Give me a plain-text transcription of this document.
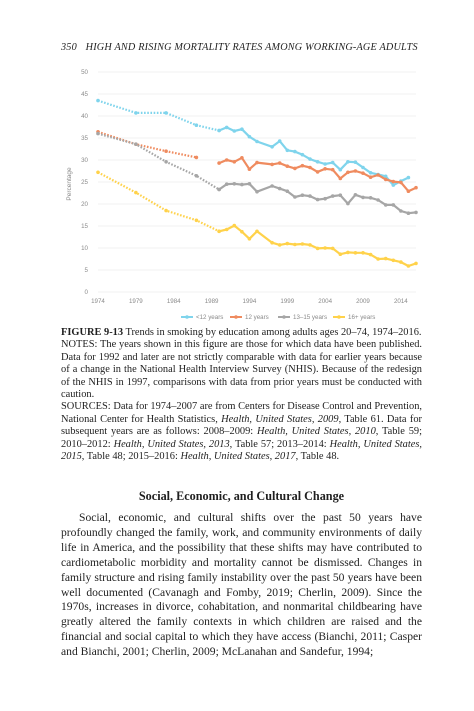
350 HIGH AND RISING MORTALITY RATES AMONG WORKING-AGE ADULTS
0
5
10
15
20
25
30
35
40
45
50
1974	1979	1984	1989	1994	1999	2004	2009	2014
Percentage
<12 years	12 years	13–15 years	16+ years

FIGURE 9-13 Trends in smoking by education among adults ages 20–74, 1974–2016.

NOTES: The years shown in this figure are those for which data have been published. Data for 1992 and later are not strictly comparable with data for earlier years because of a change in the National Health Interview Survey (NHIS). Because of the redesign of the NHIS in 1997, comparisons with data from prior years must be conducted with caution.

SOURCES: Data for 1974–2007 are from Centers for Disease Control and Prevention, National Center for Health Statistics, Health, United States, 2009, Table 61. Data for subsequent years are as follows: 2008–2009: Health, United States, 2010, Table 59; 2010–2012: Health, United States, 2013, Table 57; 2013–2014: Health, United States, 2015, Table 48; 2015–2016: Health, United States, 2017, Table 48.

Social, Economic, and Cultural Change

Social, economic, and cultural shifts over the past 50 years have profoundly changed the family, work, and community environments of daily life in America, and the possibility that these shifts may have contributed to cardiometabolic morbidity and mortality cannot be dismissed. Changes in family structure and rising family instability over the past 50 years have been well documented (Cavanagh and Fomby, 2019; Cherlin, 2009). Since the 1970s, increases in divorce, cohabitation, and nonmarital childbearing have greatly altered the family contexts in which children are raised and the financial and social capital to which they have access (Bianchi, 2011; Casper and Bianchi, 2001; Cherlin, 2009; McLanahan and Sandefur, 1994;
